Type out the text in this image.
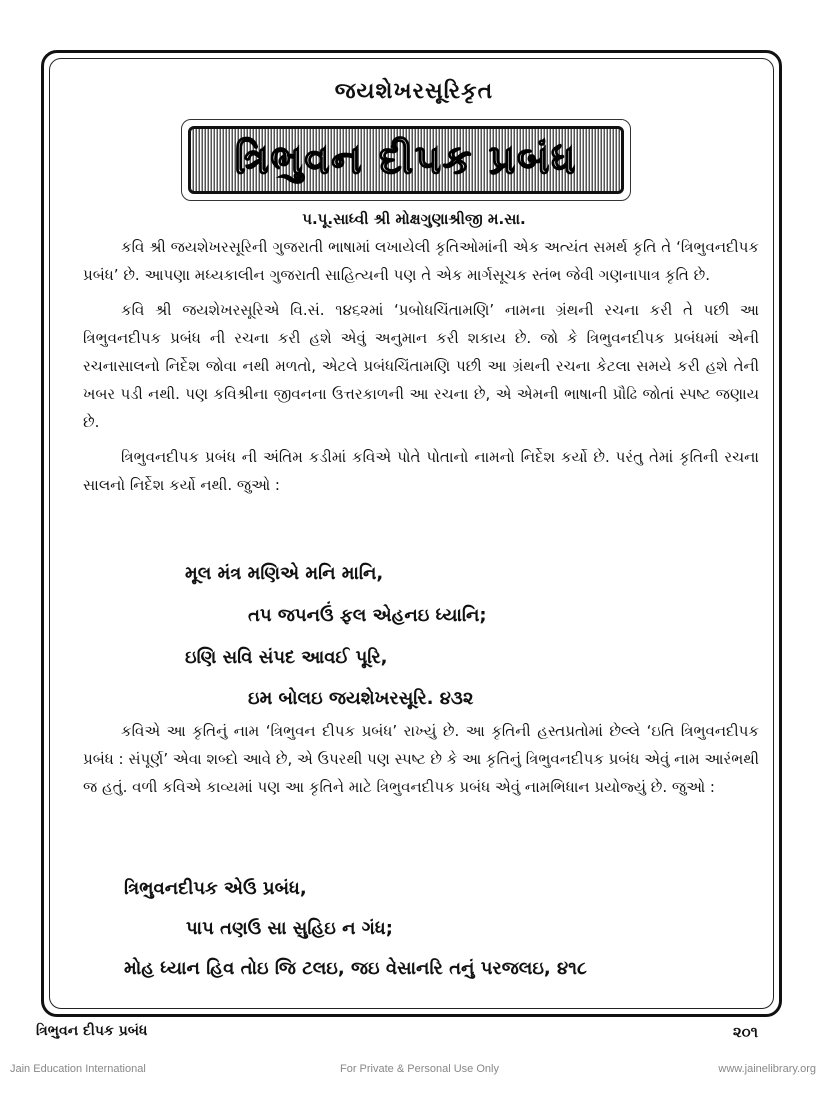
જયશેખરસૂરિકૃત
ત્રિભુવન દીપક પ્રબંધ
પ.પૂ.સાધ્વી શ્રી મોક્ષગુણાશ્રીજી મ.સા.

કવિ શ્રી જયશેખરસૂરિની ગુજરાતી ભાષામાં લખાયેલી કૃતિઓમાંની એક અત્યંત સમર્થ કૃતિ તે ‘ત્રિભુવનદીપક પ્રબંધ’ છે. આપણા મધ્યકાલીન ગુજરાતી સાહિત્યની પણ તે એક માર્ગસૂચક સ્તંભ જેવી ગણનાપાત્ર કૃતિ છે.

કવિ શ્રી જયશેખરસૂરિએ વિ.સં. ૧૪૬૨માં ‘પ્રબોધચિંતામણિ’ નામના ગ્રંથની રચના કરી તે પછી આ ત્રિભુવનદીપક પ્રબંધ ની રચના કરી હશે એવું અનુમાન કરી શકાય છે. જો કે ત્રિભુવનદીપક પ્રબંધમાં એની રચનાસાલનો નિર્દેશ જોવા નથી મળતો, એટલે પ્રબંધચિંતામણિ પછી આ ગ્રંથની રચના કેટલા સમયે કરી હશે તેની ખબર પડી નથી. પણ કવિશ્રીના જીવનના ઉત્તરકાળની આ રચના છે, એ એમની ભાષાની પ્રૌઢિ જોતાં સ્પષ્ટ જણાય છે.

ત્રિભુવનદીપક પ્રબંધ ની અંતિમ કડીમાં કવિએ પોતે પોતાનો નામનો નિર્દેશ કર્યો છે. પરંતુ તેમાં કૃતિની રચના સાલનો નિર્દેશ કર્યો નથી. જુઓ :

મૂલ મંત્ર મણિએ મનિ માનિ,
તપ જપનઉં ફલ એહનઇ ધ્યાનિ;
ઇણિ સવિ સંપદ આવઈ પૂરિ,
ઇમ બોલઇ જયશેખરસૂરિ. ૪૩૨

કવિએ આ કૃતિનું નામ ‘ત્રિભુવન દીપક પ્રબંધ’ રાખ્યું છે. આ કૃતિની હસ્તપ્રતોમાં છેલ્લે ‘ઇતિ ત્રિભુવનદીપક પ્રબંધ : સંપૂર્ણ’ એવા શબ્દો આવે છે, એ ઉપરથી પણ સ્પષ્ટ છે કે આ કૃતિનું ત્રિભુવનદીપક પ્રબંધ એવું નામ આરંભથી જ હતું. વળી કવિએ કાવ્યમાં પણ આ કૃતિને માટે ત્રિભુવનદીપક પ્રબંધ એવું નામભિધાન પ્રયોજ્યું છે. જુઓ :

ત્રિભુવનદીપક એઉ પ્રબંધ,
પાપ તણઉ સા સુહિઇ ન ગંધ;
મોહ ધ્યાન હિવ તોઇ જિ ટલઇ, જઇ વેસાનરિ તનું પરજલઇ, ૪૧૮
ત્રિભુવન દીપક પ્રબંધ	૨૦૧
Jain Education International	For Private & Personal Use Only	www.jainelibrary.org
